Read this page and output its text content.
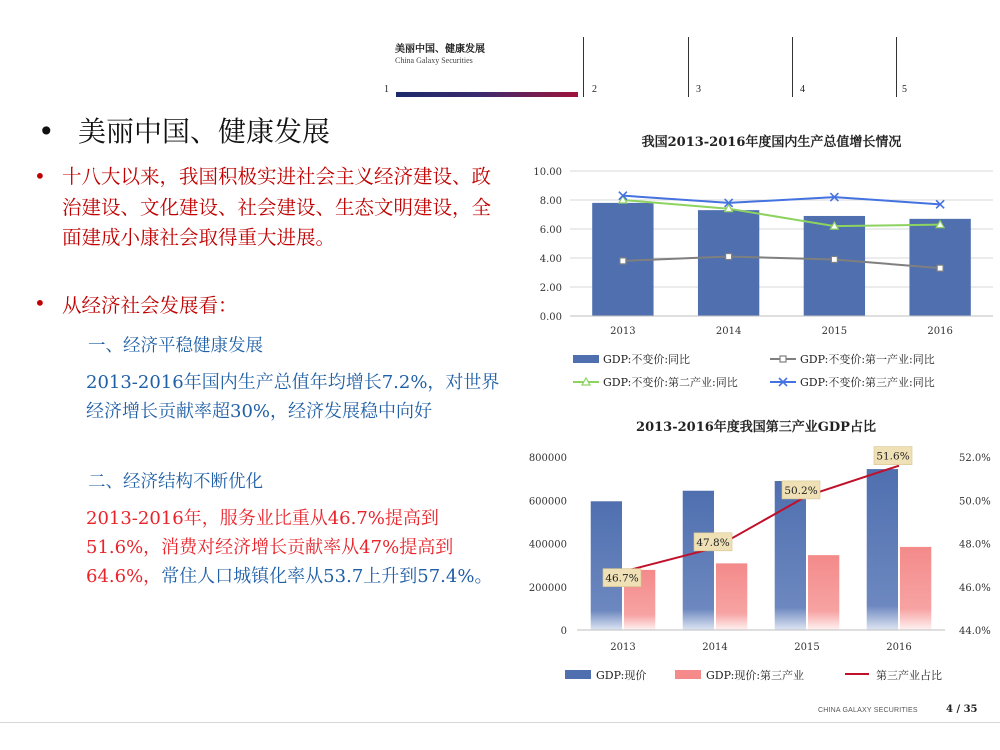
美丽中国、健康发展
China Galaxy Securities
1	2	3	4	5
• 美丽中国、健康发展
• 十八大以来，我国积极实进社会主义经济建设、政治建设、文化建设、社会建设、生态文明建设，全面建成小康社会取得重大进展。
• 从经济社会发展看：
一、经济平稳健康发展
2013-2016年国内生产总值年均增长7.2%，对世界经济增长贡献率超30%，经济发展稳中向好
二、经济结构不断优化
2013-2016年，服务业比重从46.7%提高到51.6%，消费对经济增长贡献率从47%提高到64.6%，常住人口城镇化率从53.7上升到57.4%。
我国2013-2016年度国内生产总值增长情况
0.00
2.00
4.00
6.00
8.00
10.00
2013	2014	2015	2016
GDP:不变价:同比	GDP:不变价:第一产业:同比
GDP:不变价:第二产业:同比	GDP:不变价:第三产业:同比
2013-2016年度我国第三产业GDP占比
0
200000
400000
600000
800000
44.0%
46.0%
48.0%
50.0%
52.0%
2013	2014	2015	2016
46.7%
47.8%
50.2%
51.6%
GDP:现价	GDP:现价:第三产业	第三产业占比
CHINA GALAXY SECURITIES	4 / 35
